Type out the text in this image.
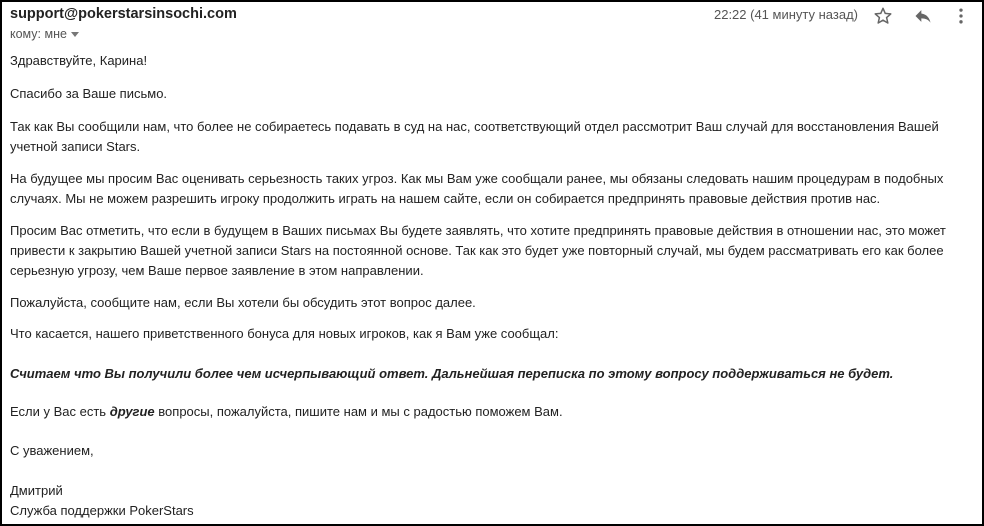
support@pokerstarsinsochi.com
кому: мне
22:22 (41 минуту назад)

Здравствуйте, Карина!

Спасибо за Ваше письмо.

Так как Вы сообщили нам, что более не собираетесь подавать в суд на нас, соответствующий отдел рассмотрит Ваш случай для восстановления Вашей учетной записи Stars.

На будущее мы просим Вас оценивать серьезность таких угроз. Как мы Вам уже сообщали ранее, мы обязаны следовать нашим процедурам в подобных случаях. Мы не можем разрешить игроку продолжить играть на нашем сайте, если он собирается предпринять правовые действия против нас.

Просим Вас отметить, что если в будущем в Ваших письмах Вы будете заявлять, что хотите предпринять правовые действия в отношении нас, это может привести к закрытию Вашей учетной записи Stars на постоянной основе. Так как это будет уже повторный случай, мы будем рассматривать его как более серьезную угрозу, чем Ваше первое заявление в этом направлении.

Пожалуйста, сообщите нам, если Вы хотели бы обсудить этот вопрос далее.

Что касается, нашего приветственного бонуса для новых игроков, как я Вам уже сообщал:

Считаем что Вы получили более чем исчерпывающий ответ. Дальнейшая переписка по этому вопросу поддерживаться не будет.

Если у Вас есть другие вопросы, пожалуйста, пишите нам и мы с радостью поможем Вам.

С уважением,

Дмитрий

Служба поддержки PokerStars
